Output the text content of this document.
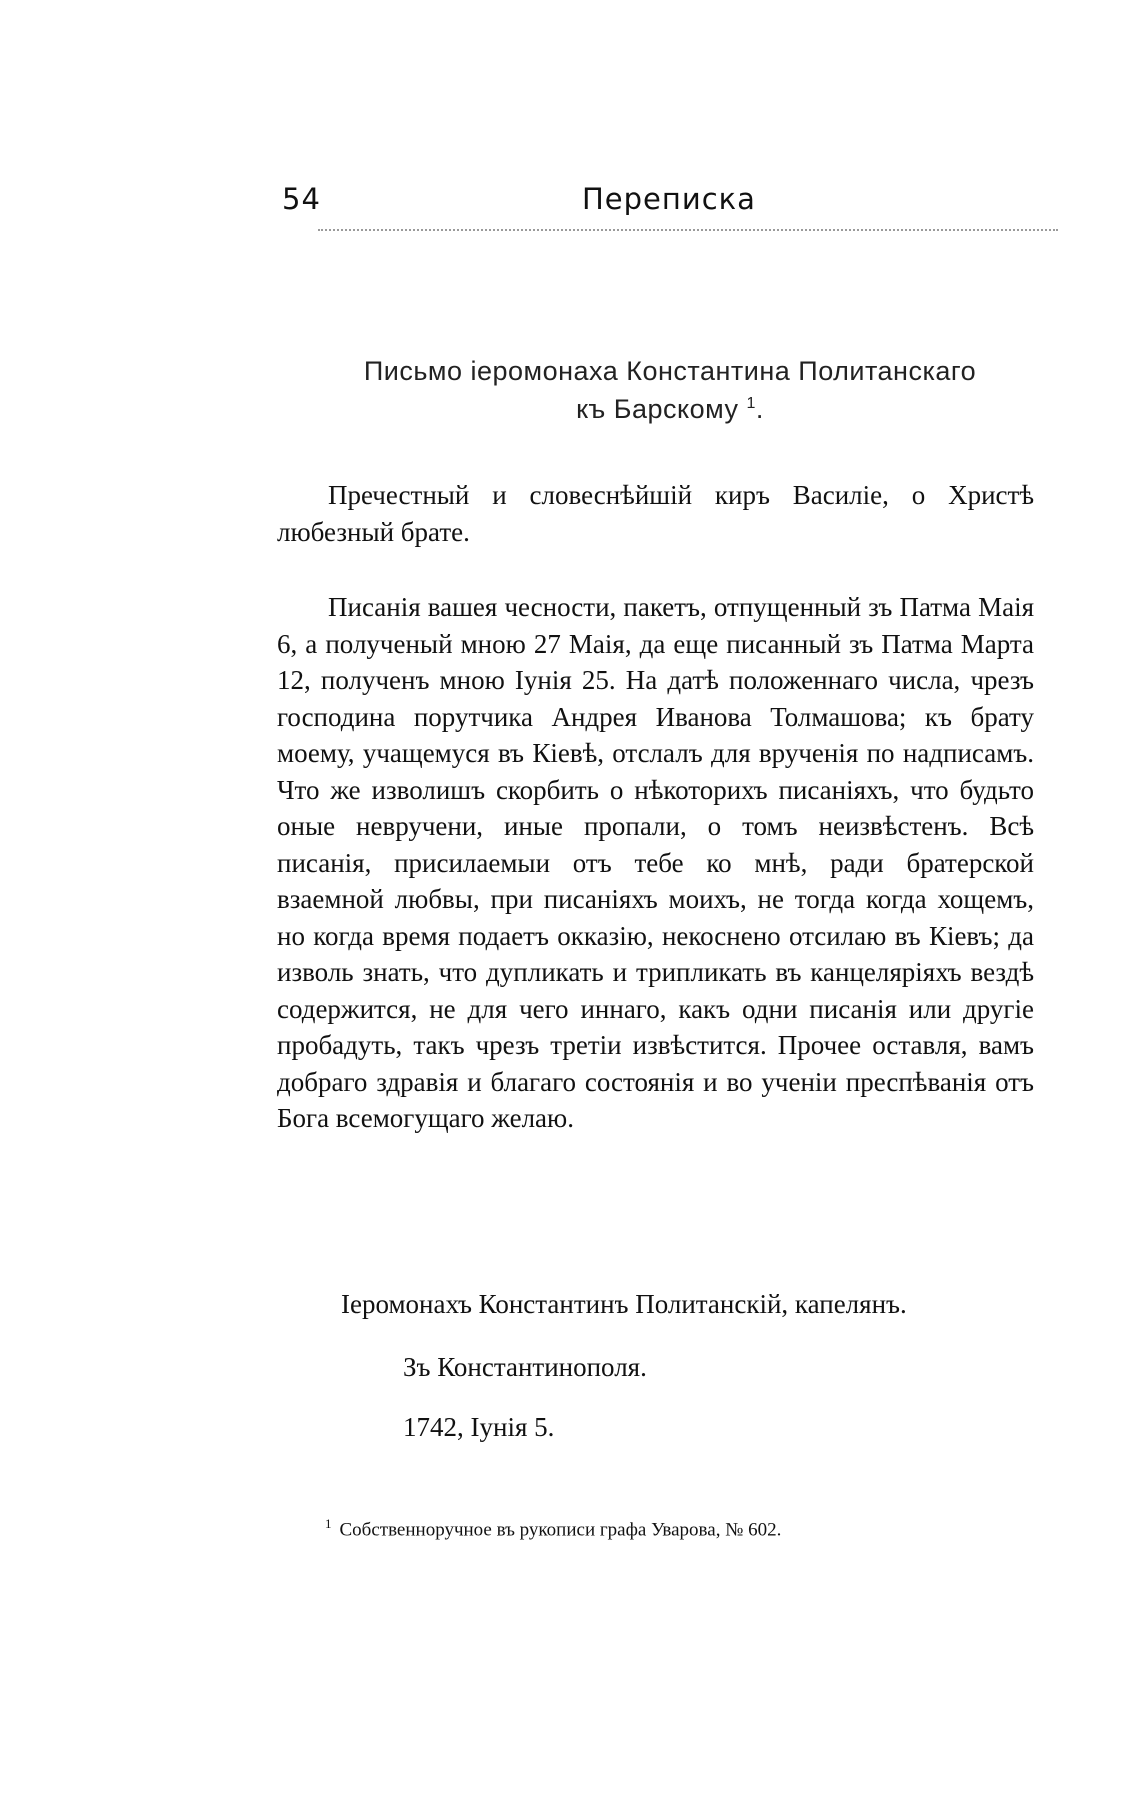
54	Переписка
Письмо іеромонаха Константина Политанскаго
къ Барскому $^1$.

Пречестный и словеснѣйшій киръ Василіе, о Христѣ любезный брате.

Писанія вашея чесности, пакетъ, отпущенный зъ Патма Маія 6, а полученый мною 27 Маія, да еще писанный зъ Патма Марта 12, полученъ мною Іунія 25. На датѣ положеннаго числа, чрезъ господина порутчика Андрея Иванова Толмашова; къ брату моему, учащемуся въ Кіевѣ, отслалъ для врученія по надписамъ. Что же изволишъ скорбить о нѣкоторихъ писаніяхъ, что будьто оные невручени, иные пропали, о томъ неизвѣстенъ. Всѣ писанія, присилаемыи отъ тебе ко мнѣ, ради братерской взаемной любвы, при писаніяхъ моихъ, не тогда когда хощемъ, но когда время подаетъ окказію, некоснено отсилаю въ Кіевъ; да изволь знать, что дупликать и трипликать въ канцеляріяхъ вездѣ содержится, не для чего иннаго, какъ одни писанія или другіе пробадуть, такъ чрезъ третіи извѣстится. Прочее оставля, вамъ добраго здравія и благаго состоянія и во ученіи преспѣванія отъ Бога всемогущаго желаю.

Іеромонахъ Константинъ Политанскій, капелянъ.
Зъ Константинополя.
1742, Іунія 5.
$^1$ Собственноручное въ рукописи графа Уварова, № 602.
